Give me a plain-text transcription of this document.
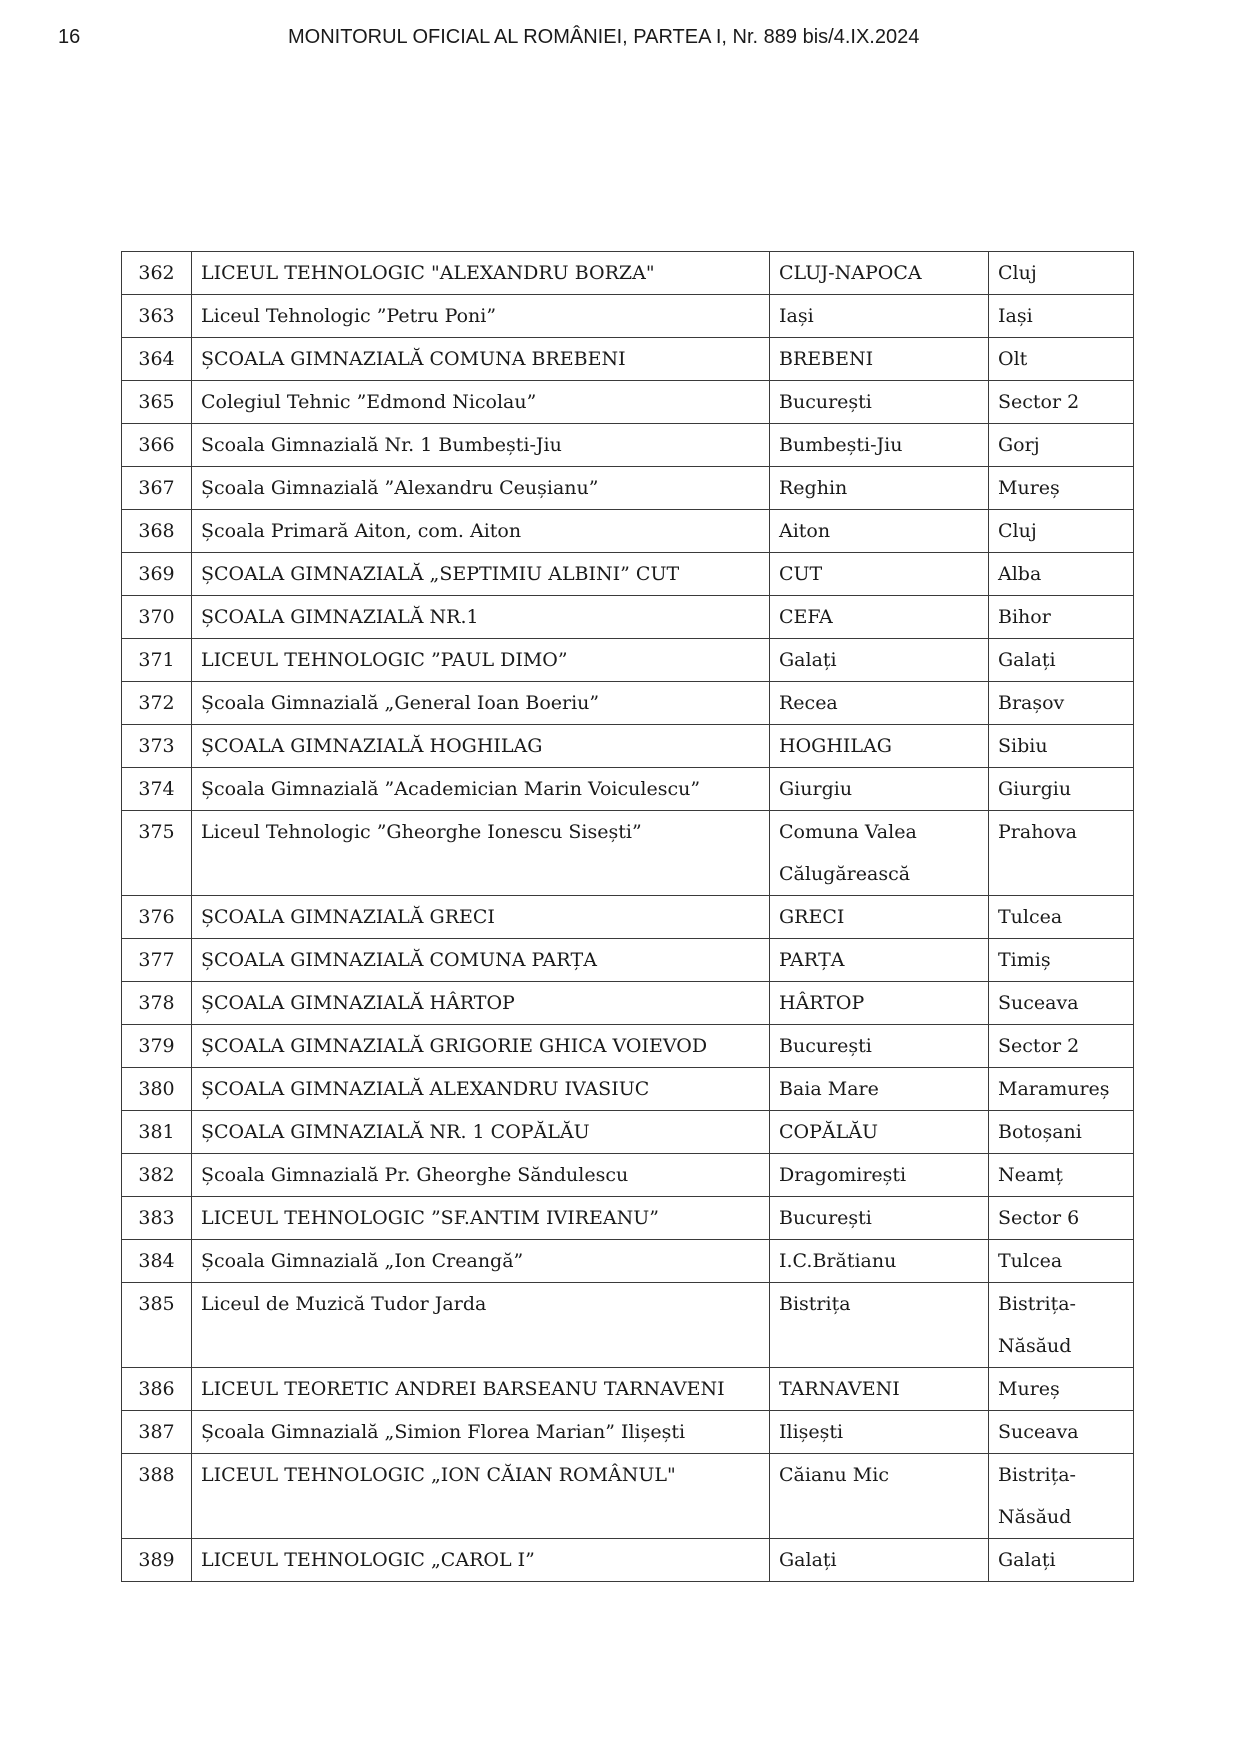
16	MONITORUL OFICIAL AL ROMÂNIEI, PARTEA I, Nr. 889 bis/4.IX.2024
362	LICEUL TEHNOLOGIC "ALEXANDRU BORZA"	CLUJ-NAPOCA	Cluj
363	Liceul Tehnologic ”Petru Poni”	Iași	Iași
364	ȘCOALA GIMNAZIALĂ COMUNA BREBENI	BREBENI	Olt
365	Colegiul Tehnic ”Edmond Nicolau”	București	Sector 2
366	Scoala Gimnazială Nr. 1 Bumbești-Jiu	Bumbești-Jiu	Gorj
367	Școala Gimnazială ”Alexandru Ceușianu”	Reghin	Mureș
368	Școala Primară Aiton, com. Aiton	Aiton	Cluj
369	ȘCOALA GIMNAZIALĂ „SEPTIMIU ALBINI” CUT	CUT	Alba
370	ȘCOALA GIMNAZIALĂ NR.1	CEFA	Bihor
371	LICEUL TEHNOLOGIC ”PAUL DIMO”	Galați	Galați
372	Școala Gimnazială „General Ioan Boeriu”	Recea	Brașov
373	ȘCOALA GIMNAZIALĂ HOGHILAG	HOGHILAG	Sibiu
374	Școala Gimnazială ”Academician Marin Voiculescu”	Giurgiu	Giurgiu
375	Liceul Tehnologic ”Gheorghe Ionescu Sisești”	Comuna Valea Călugărească	Prahova
376	ȘCOALA GIMNAZIALĂ GRECI	GRECI	Tulcea
377	ȘCOALA GIMNAZIALĂ COMUNA PARȚA	PARȚA	Timiș
378	ȘCOALA GIMNAZIALĂ HÂRTOP	HÂRTOP	Suceava
379	ȘCOALA GIMNAZIALĂ GRIGORIE GHICA VOIEVOD	București	Sector 2
380	ȘCOALA GIMNAZIALĂ ALEXANDRU IVASIUC	Baia Mare	Maramureș
381	ȘCOALA GIMNAZIALĂ NR. 1 COPĂLĂU	COPĂLĂU	Botoșani
382	Școala Gimnazială Pr. Gheorghe Săndulescu	Dragomirești	Neamț
383	LICEUL TEHNOLOGIC ”SF.ANTIM IVIREANU”	București	Sector 6
384	Școala Gimnazială „Ion Creangă”	I.C.Brătianu	Tulcea
385	Liceul de Muzică Tudor Jarda	Bistrița	Bistrița-Năsăud
386	LICEUL TEORETIC ANDREI BARSEANU TARNAVENI	TARNAVENI	Mureș
387	Școala Gimnazială „Simion Florea Marian” Ilișești	Ilișești	Suceava
388	LICEUL TEHNOLOGIC „ION CĂIAN ROMÂNUL"	Căianu Mic	Bistrița-Năsăud
389	LICEUL TEHNOLOGIC „CAROL I”	Galați	Galați
